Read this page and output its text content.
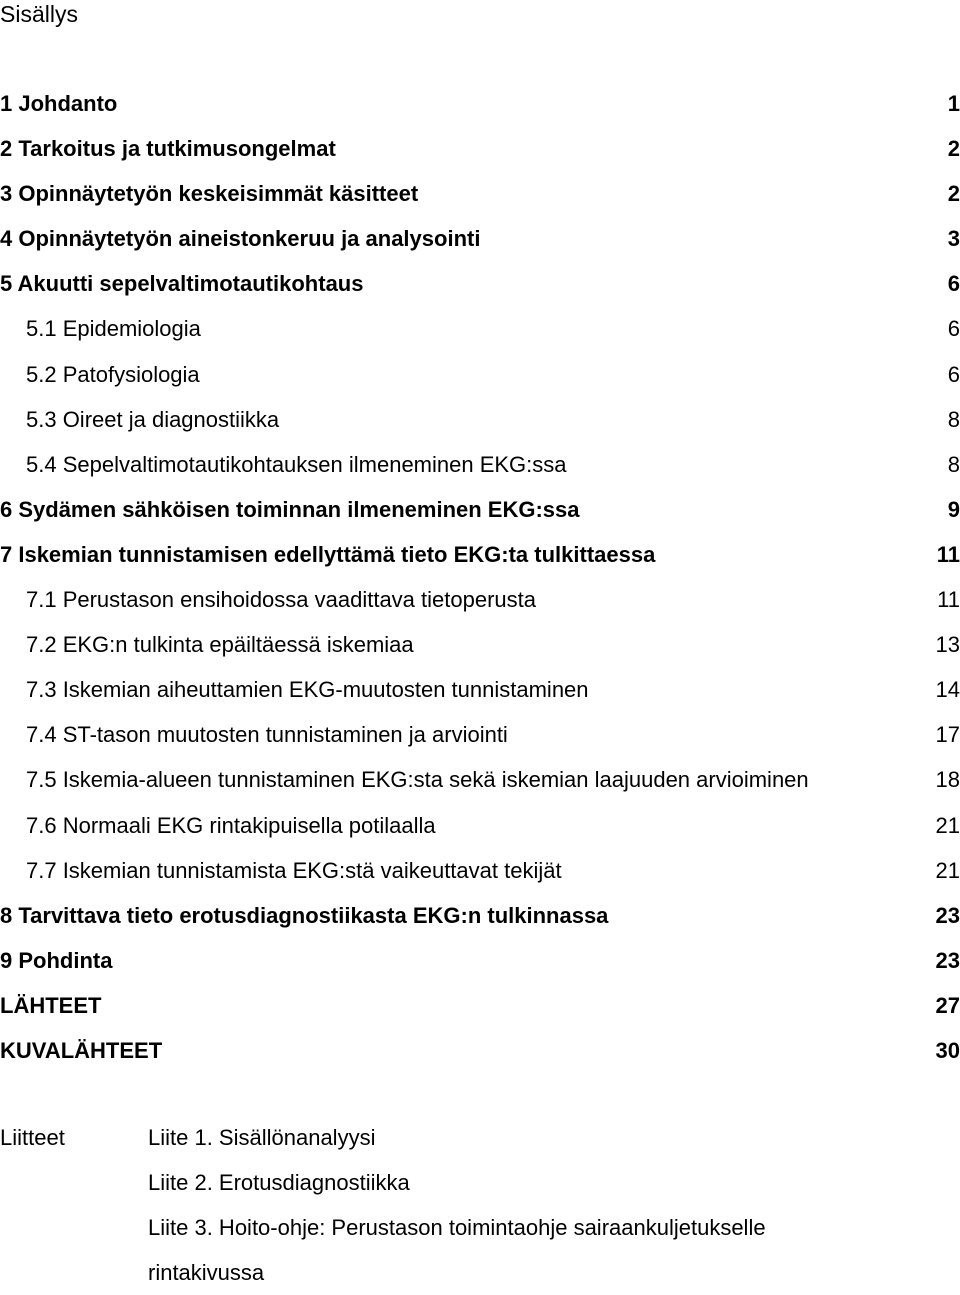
Sisällys
1 Johdanto	1
2 Tarkoitus ja tutkimusongelmat	2
3 Opinnäytetyön keskeisimmät käsitteet	2
4 Opinnäytetyön aineistonkeruu ja analysointi	3
5 Akuutti sepelvaltimotautikohtaus	6
5.1 Epidemiologia	6
5.2 Patofysiologia	6
5.3 Oireet ja diagnostiikka	8
5.4 Sepelvaltimotautikohtauksen ilmeneminen EKG:ssa	8
6 Sydämen sähköisen toiminnan ilmeneminen EKG:ssa	9
7 Iskemian tunnistamisen edellyttämä tieto EKG:ta tulkittaessa	11
7.1 Perustason ensihoidossa vaadittava tietoperusta	11
7.2 EKG:n tulkinta epäiltäessä iskemiaa	13
7.3 Iskemian aiheuttamien EKG-muutosten tunnistaminen	14
7.4 ST-tason muutosten tunnistaminen ja arviointi	17
7.5 Iskemia-alueen tunnistaminen EKG:sta sekä iskemian laajuuden arvioiminen	18
7.6 Normaali EKG rintakipuisella potilaalla	21
7.7 Iskemian tunnistamista EKG:stä vaikeuttavat tekijät	21
8 Tarvittava tieto erotusdiagnostiikasta EKG:n tulkinnassa	23
9 Pohdinta	23
LÄHTEET	27
KUVALÄHTEET	30
Liitteet	Liite 1. Sisällönanalyysi
Liite 2. Erotusdiagnostiikka
Liite 3. Hoito-ohje: Perustason toimintaohje sairaankuljetukselle
rintakivussa
